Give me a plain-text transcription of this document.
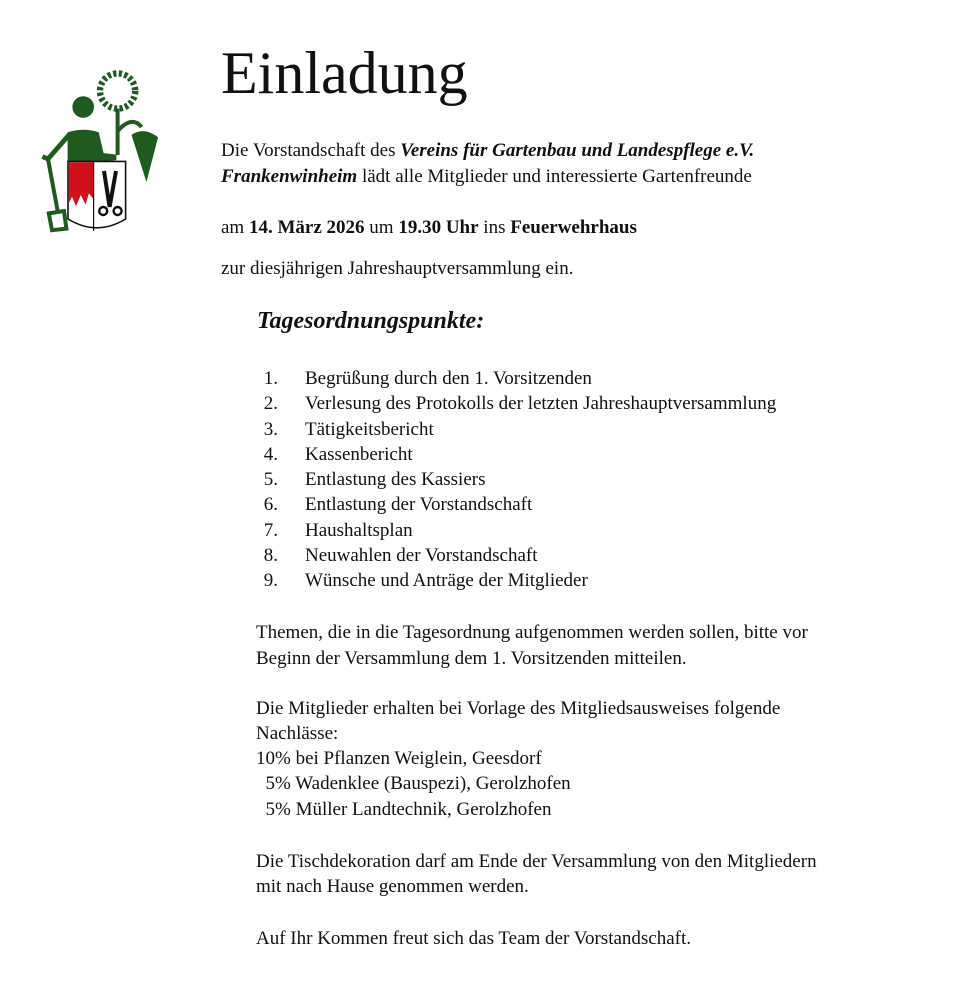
Einladung
Die Vorstandschaft des Vereins für Gartenbau und Landespflege e.V.
Frankenwinheim lädt alle Mitglieder und interessierte Gartenfreunde
am 14. März 2026 um 19.30 Uhr ins Feuerwehrhaus
zur diesjährigen Jahreshauptversammlung ein.
Tagesordnungspunkte:
1. Begrüßung durch den 1. Vorsitzenden
2. Verlesung des Protokolls der letzten Jahreshauptversammlung
3. Tätigkeitsbericht
4. Kassenbericht
5. Entlastung des Kassiers
6. Entlastung der Vorstandschaft
7. Haushaltsplan
8. Neuwahlen der Vorstandschaft
9. Wünsche und Anträge der Mitglieder
Themen, die in die Tagesordnung aufgenommen werden sollen, bitte vor
Beginn der Versammlung dem 1. Vorsitzenden mitteilen.
Die Mitglieder erhalten bei Vorlage des Mitgliedsausweises folgende
Nachlässe:
10% bei Pflanzen Weiglein, Geesdorf
5% Wadenklee (Bauspezi), Gerolzhofen
5% Müller Landtechnik, Gerolzhofen
Die Tischdekoration darf am Ende der Versammlung von den Mitgliedern
mit nach Hause genommen werden.
Auf Ihr Kommen freut sich das Team der Vorstandschaft.
